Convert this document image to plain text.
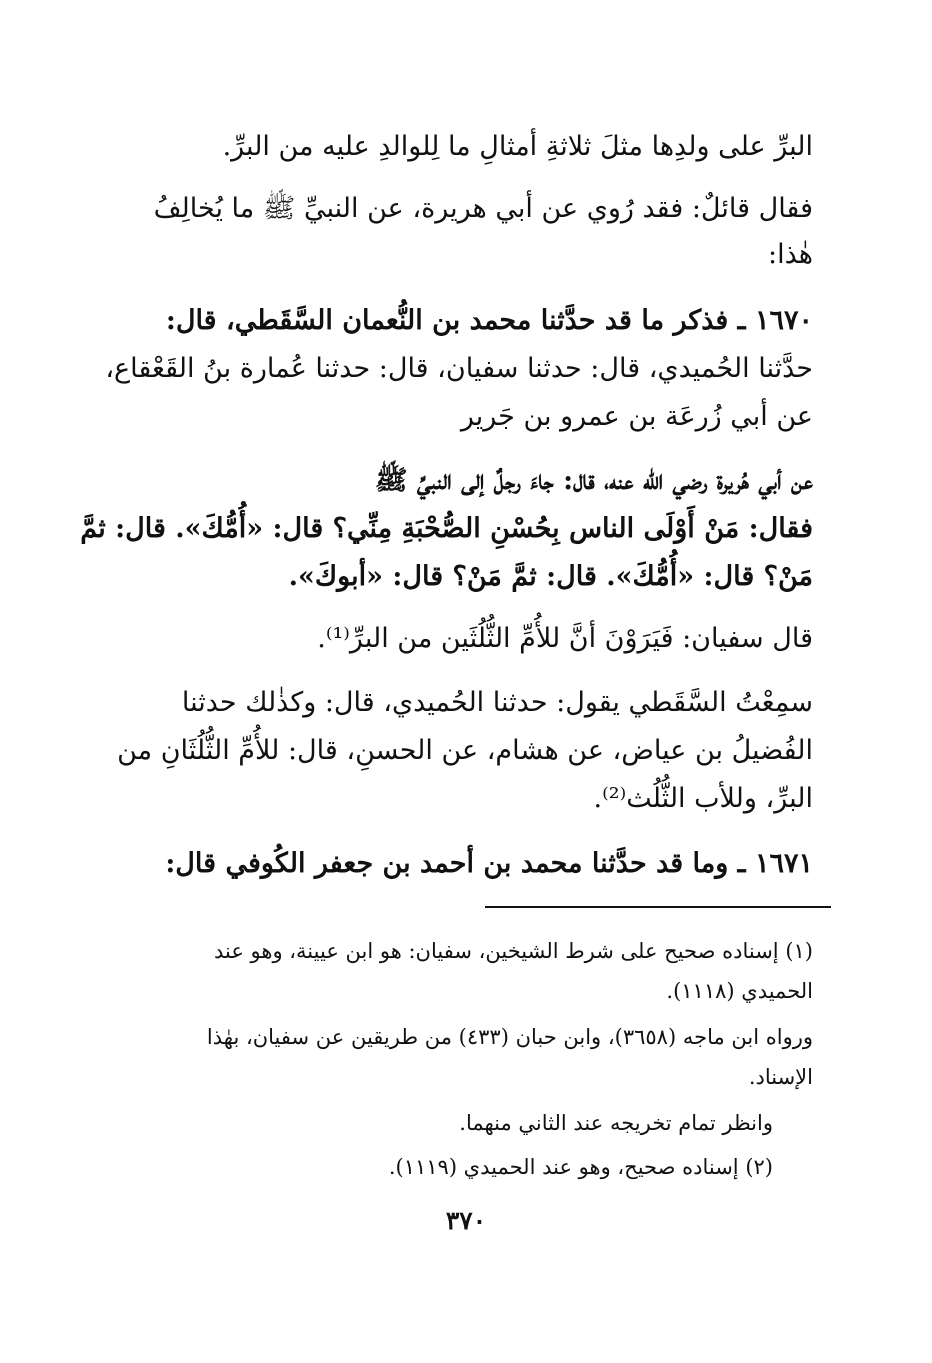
البرِّ على ولدِها مثلَ ثلاثةِ أمثالِ ما لِلوالدِ عليه من البرِّ.
فقال قائلٌ: فقد رُوي عن أبي هريرة، عن النبيِّ ﷺ ما يُخالِفُ
هٰذا:
١٦٧٠ ـ فذكر ما قد حدَّثنا محمد بن النُّعمان السَّقَطي، قال:
حدَّثنا الحُميدي، قال: حدثنا سفيان، قال: حدثنا عُمارة بنُ القَعْقاع،
عن أبي زُرعَة بن عمرو بن جَرير
عن أبي هُريرة رضي الله عنه، قال: جاءَ رجلٌ إلى النبيِّ ﷺ
فقال: مَنْ أَوْلَى الناس بِحُسْنِ الصُّحْبَةِ مِنِّي؟ قال: «أُمُّكَ». قال: ثمَّ
مَنْ؟ قال: «أُمُّكَ». قال: ثمَّ مَنْ؟ قال: «أبوكَ».
قال سفيان: فَيَرَوْنَ أنَّ للأُمِّ الثُّلُثَين من البرِّ⁽¹⁾.
سمِعْتُ السَّقَطي يقول: حدثنا الحُميدي، قال: وكذٰلك حدثنا
الفُضيلُ بن عياض، عن هشام، عن الحسنِ، قال: للأُمِّ الثُّلُثَانِ من
البرِّ، وللأب الثُّلُث⁽²⁾.
١٦٧١ ـ وما قد حدَّثنا محمد بن أحمد بن جعفر الكُوفي قال:
(١) إسناده صحيح على شرط الشيخين، سفيان: هو ابن عيينة، وهو عند
الحميدي (١١١٨).
ورواه ابن ماجه (٣٦٥٨)، وابن حبان (٤٣٣) من طريقين عن سفيان، بهٰذا
الإسناد.
وانظر تمام تخريجه عند الثاني منهما.
(٢) إسناده صحيح، وهو عند الحميدي (١١١٩).
٣٧٠
